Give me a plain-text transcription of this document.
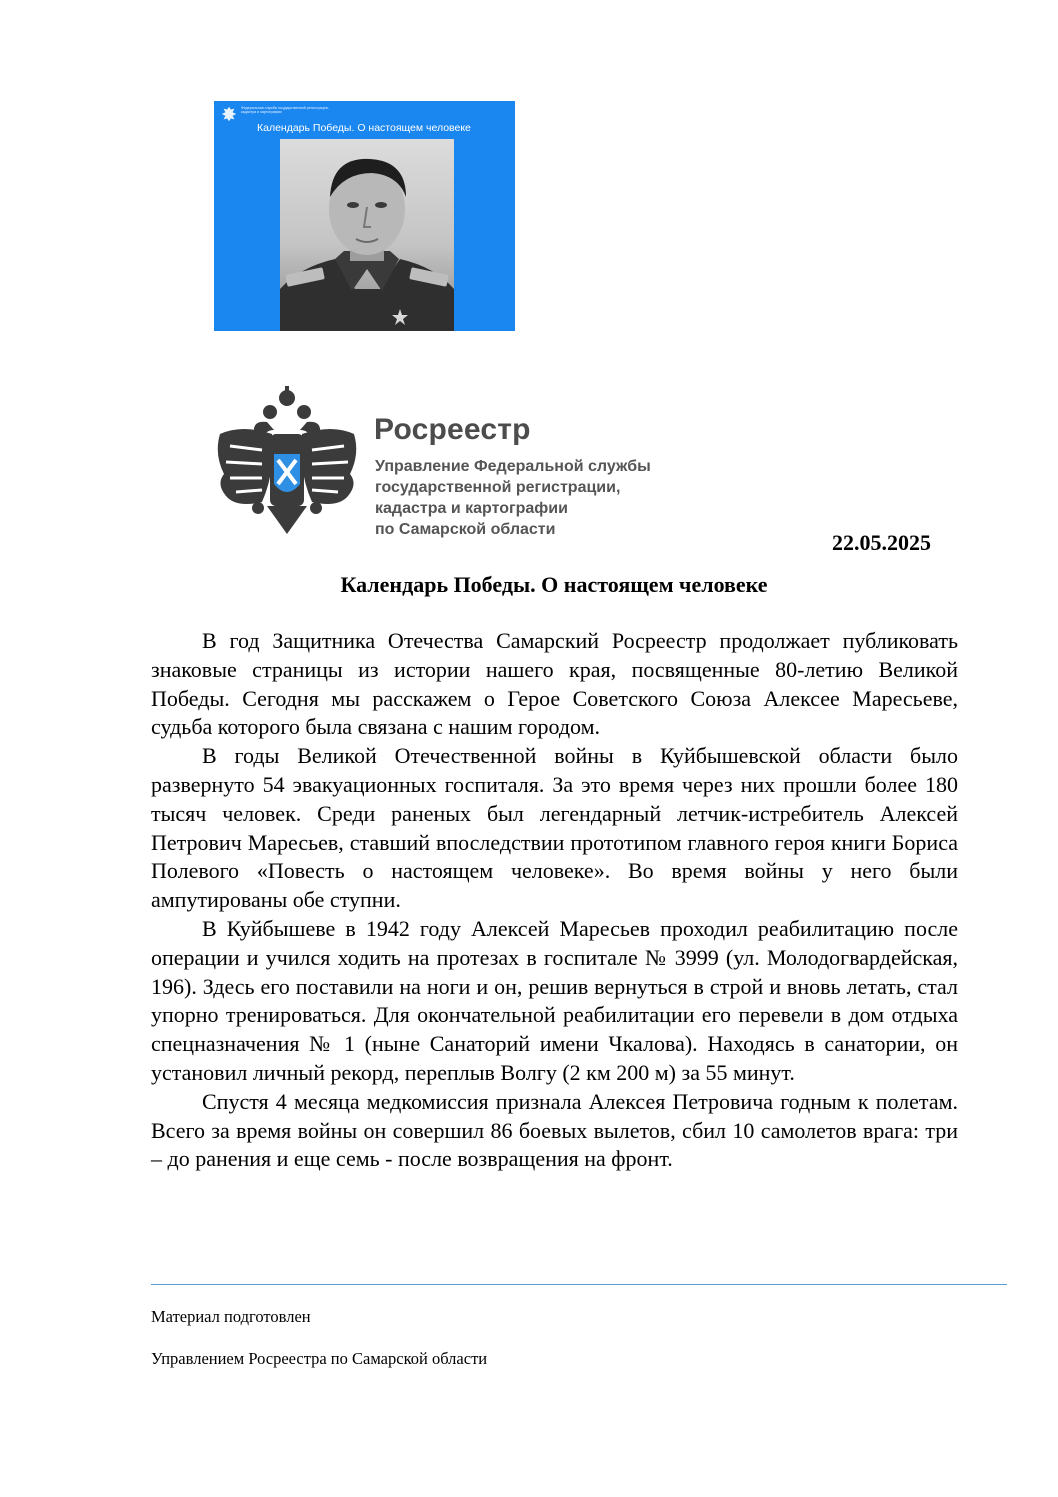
Федеральная служба государственной регистрации, кадастра и картографии
Календарь Победы. О настоящем человеке
Росреестр
Управление Федеральной службы
государственной регистрации,
кадастра и картографии
по Самарской области
22.05.2025
Календарь Победы. О настоящем человеке

В год Защитника Отечества Самарский Росреестр продолжает публиковать знаковые страницы из истории нашего края, посвященные 80-летию Великой Победы. Сегодня мы расскажем о Герое Советского Союза Алексее Маресьеве, судьба которого была связана с нашим городом.

В годы Великой Отечественной войны в Куйбышевской области было развернуто 54 эвакуационных госпиталя. За это время через них прошли более 180 тысяч человек. Среди раненых был легендарный летчик-истребитель Алексей Петрович Маресьев, ставший впоследствии прототипом главного героя книги Бориса Полевого «Повесть о настоящем человеке». Во время войны у него были ампутированы обе ступни.

В Куйбышеве в 1942 году Алексей Маресьев проходил реабилитацию после операции и учился ходить на протезах в госпитале № 3999 (ул. Молодогвардейская, 196). Здесь его поставили на ноги и он, решив вернуться в строй и вновь летать, стал упорно тренироваться. Для окончательной реабилитации его перевели в дом отдыха спецназначения № 1 (ныне Санаторий имени Чкалова). Находясь в санатории, он установил личный рекорд, переплыв Волгу (2 км 200 м) за 55 минут.

Спустя 4 месяца медкомиссия признала Алексея Петровича годным к полетам. Всего за время войны он совершил 86 боевых вылетов, сбил 10 самолетов врага: три – до ранения и еще семь - после возвращения на фронт.

Материал подготовлен
Управлением Росреестра по Самарской области
